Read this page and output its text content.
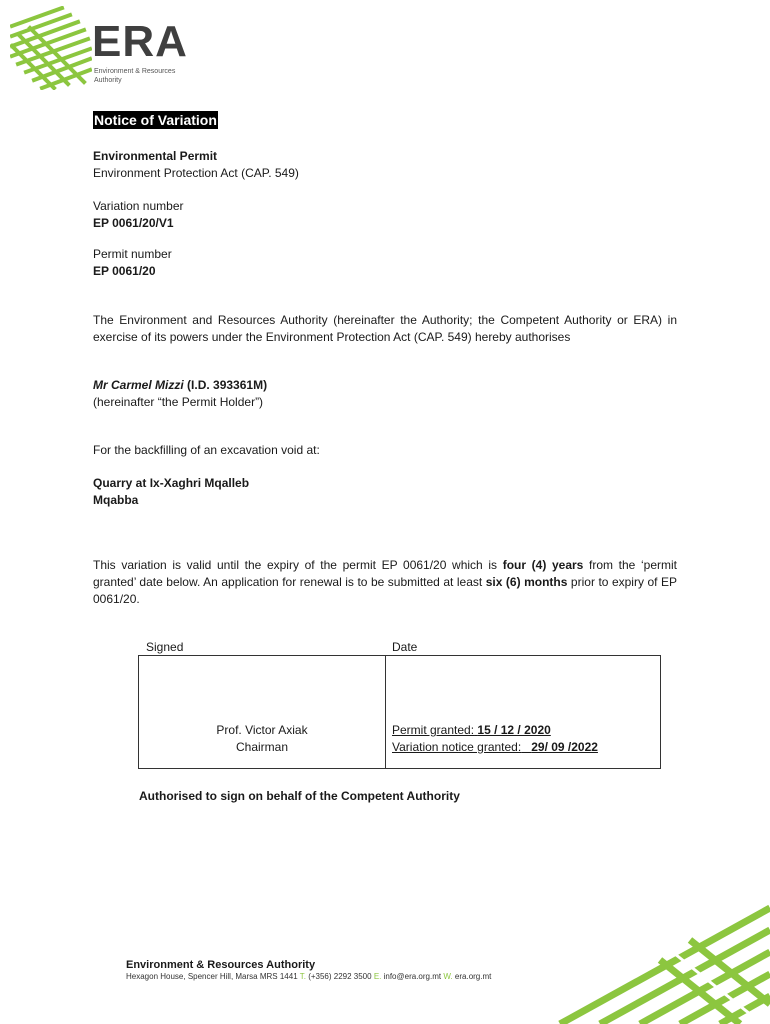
ERA
Environment & Resources
Authority
Notice of Variation
Environmental Permit
Environment Protection Act (CAP. 549)
Variation number
EP 0061/20/V1
Permit number
EP 0061/20
The Environment and Resources Authority (hereinafter the Authority; the Competent Authority or ERA) in exercise of its powers under the Environment Protection Act (CAP. 549) hereby authorises
Mr Carmel Mizzi (I.D. 393361M)
(hereinafter “the Permit Holder”)
For the backfilling of an excavation void at:
Quarry at Ix-Xaghri Mqalleb
Mqabba
This variation is valid until the expiry of the permit EP 0061/20 which is four (4) years from the ‘permit granted’ date below. An application for renewal is to be submitted at least six (6) months prior to expiry of EP 0061/20.
Signed	Date
Prof. Victor Axiak
Chairman
Permit granted: 15 / 12 / 2020
Variation notice granted: 29/ 09 /2022
Authorised to sign on behalf of the Competent Authority
Environment & Resources Authority
Hexagon House, Spencer Hill, Marsa MRS 1441 T. (+356) 2292 3500 E. info@era.org.mt W. era.org.mt
